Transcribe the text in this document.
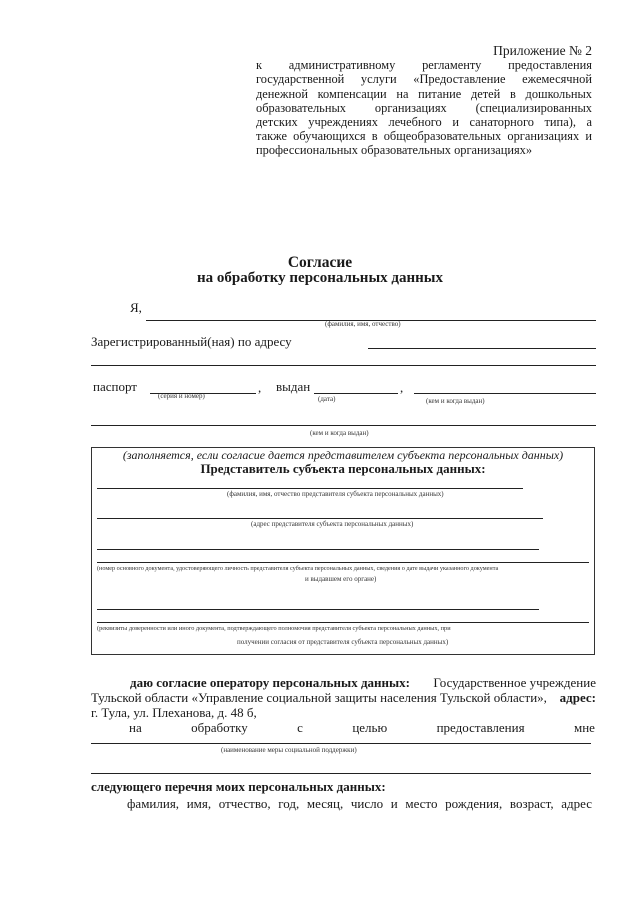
Приложение № 2
к административному регламенту предоставления
государственной услуги «Предоставление ежемесячной
денежной компенсации на питание детей в дошкольных
образовательных организациях (специализированных
детских учреждениях лечебного и санаторного типа), а
также обучающихся в общеобразовательных организациях и
профессиональных образовательных организациях»
Согласие
на обработку персональных данных
Я,
(фамилия, имя, отчество)
Зарегистрированный(ная) по адресу
паспорт	, выдан	,
(серия и номер)	(дата)	(кем и когда выдан)
(кем и когда выдан)
(заполняется, если согласие дается представителем субъекта персональных данных)
Представитель субъекта персональных данных:
(фамилия, имя, отчество представителя субъекта персональных данных)
(адрес представителя субъекта персональных данных)
(номер основного документа, удостоверяющего личность представителя субъекта персональных данных, сведения о дате выдачи указанного документа
и выдавшем его органе)
(реквизиты доверенности или иного документа, подтверждающего полномочия представителя субъекта персональных данных, при
получении согласия от представителя субъекта персональных данных)
даю согласие оператору персональных данных: Государственное учреждение
Тульской области «Управление социальной защиты населения Тульской области», адрес:
г. Тула, ул. Плеханова, д. 48 б,
на	обработку	с	целью	предоставления	мне
(наименование меры социальной поддержки)
следующего перечня моих персональных данных:
фамилия, имя, отчество, год, месяц, число и место рождения, возраст, адрес
